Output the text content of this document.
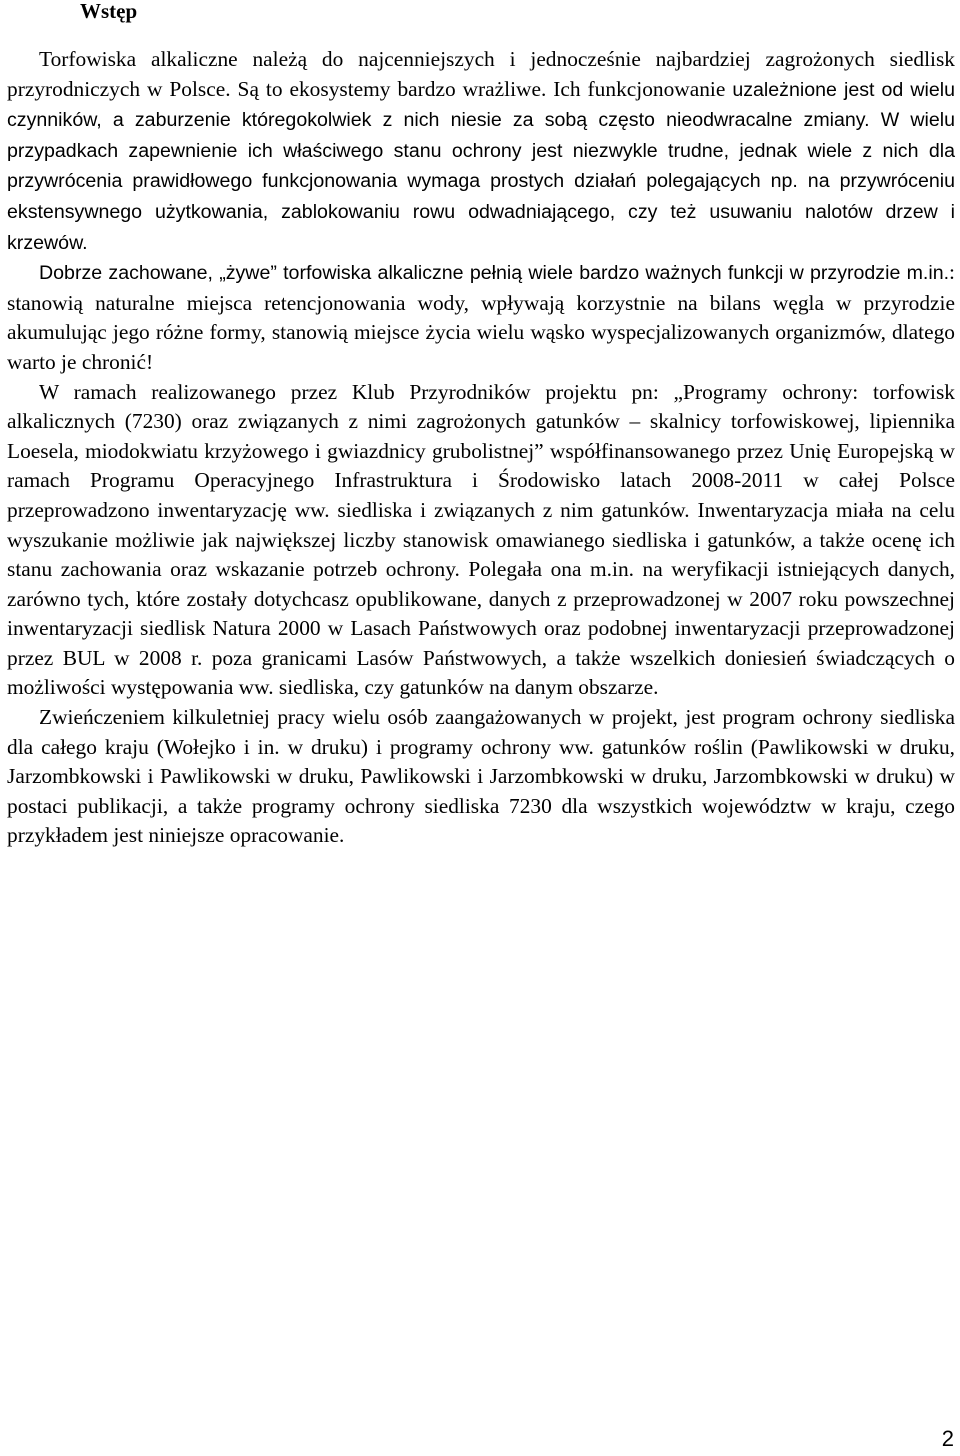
Wstęp

Torfowiska alkaliczne należą do najcenniejszych i jednocześnie najbardziej zagrożonych siedlisk przyrodniczych w Polsce. Są to ekosystemy bardzo wrażliwe. Ich funkcjonowanie uzależnione jest od wielu czynników, a zaburzenie któregokolwiek z nich niesie za sobą często nieodwracalne zmiany. W wielu przypadkach zapewnienie ich właściwego stanu ochrony jest niezwykle trudne, jednak wiele z nich dla przywrócenia prawidłowego funkcjonowania wymaga prostych działań polegających np. na przywróceniu ekstensywnego użytkowania, zablokowaniu rowu odwadniającego, czy też usuwaniu nalotów drzew i krzewów.

Dobrze zachowane, „żywe” torfowiska alkaliczne pełnią wiele bardzo ważnych funkcji w przyrodzie m.in.: stanowią naturalne miejsca retencjonowania wody, wpływają korzystnie na bilans węgla w przyrodzie akumulując jego różne formy, stanowią miejsce życia wielu wąsko wyspecjalizowanych organizmów, dlatego warto je chronić!

W ramach realizowanego przez Klub Przyrodników projektu pn: „Programy ochrony: torfowisk alkalicznych (7230) oraz związanych z nimi zagrożonych gatunków – skalnicy torfowiskowej, lipiennika Loesela, miodokwiatu krzyżowego i gwiazdnicy grubolistnej” współfinansowanego przez Unię Europejską w ramach Programu Operacyjnego Infrastruktura i Środowisko latach 2008-2011 w całej Polsce przeprowadzono inwentaryzację ww. siedliska i związanych z nim gatunków. Inwentaryzacja miała na celu wyszukanie możliwie jak największej liczby stanowisk omawianego siedliska i gatunków, a także ocenę ich stanu zachowania oraz wskazanie potrzeb ochrony. Polegała ona m.in. na weryfikacji istniejących danych, zarówno tych, które zostały dotychcasz opublikowane, danych z przeprowadzonej w 2007 roku powszechnej inwentaryzacji siedlisk Natura 2000 w Lasach Państwowych oraz podobnej inwentaryzacji przeprowadzonej przez BUL w 2008 r. poza granicami Lasów Państwowych, a także wszelkich doniesień świadczących o możliwości występowania ww. siedliska, czy gatunków na danym obszarze.

Zwieńczeniem kilkuletniej pracy wielu osób zaangażowanych w projekt, jest program ochrony siedliska dla całego kraju (Wołejko i in. w druku) i programy ochrony ww. gatunków roślin (Pawlikowski w druku, Jarzombkowski i Pawlikowski w druku, Pawlikowski i Jarzombkowski w druku, Jarzombkowski w druku) w postaci publikacji, a także programy ochrony siedliska 7230 dla wszystkich województw w kraju, czego przykładem jest niniejsze opracowanie.

2
